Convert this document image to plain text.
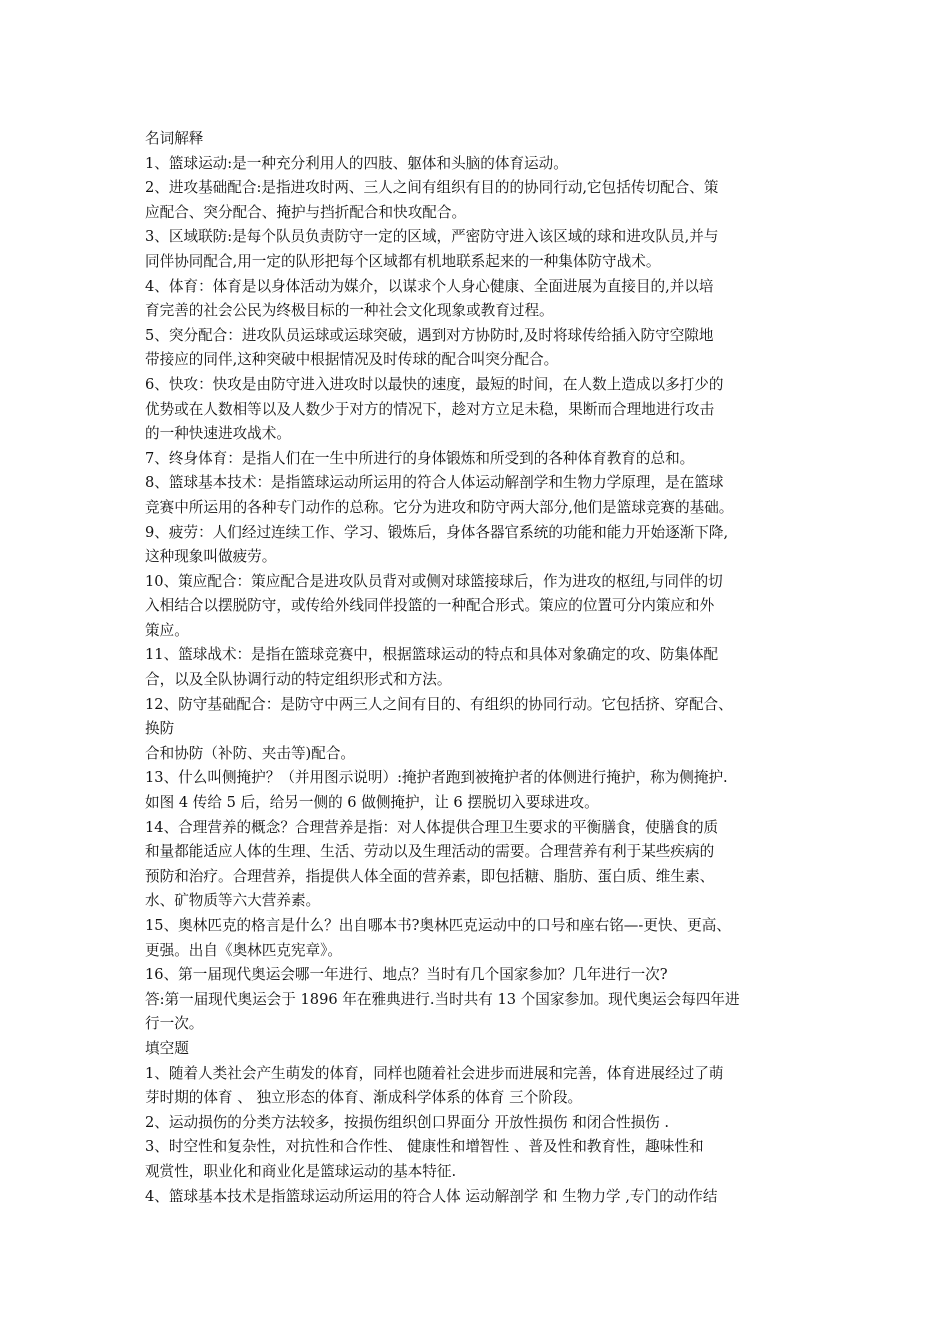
名词解释

1、篮球运动:是一种充分利用人的四肢、躯体和头脑的体育运动。

2、进攻基础配合:是指进攻时两、三人之间有组织有目的的协同行动,它包括传切配合、策

应配合、突分配合、掩护与挡折配合和快攻配合。

3、区域联防:是每个队员负责防守一定的区域，严密防守进入该区域的球和进攻队员,并与

同伴协同配合,用一定的队形把每个区域都有机地联系起来的一种集体防守战术。

4、体育：体育是以身体活动为媒介，以谋求个人身心健康、全面进展为直接目的,并以培

育完善的社会公民为终极目标的一种社会文化现象或教育过程。

5、突分配合：进攻队员运球或运球突破，遇到对方协防时,及时将球传给插入防守空隙地

带接应的同伴,这种突破中根据情况及时传球的配合叫突分配合。

6、快攻：快攻是由防守进入进攻时以最快的速度，最短的时间，在人数上造成以多打少的

优势或在人数相等以及人数少于对方的情况下，趁对方立足未稳，果断而合理地进行攻击

的一种快速进攻战术。

7、终身体育：是指人们在一生中所进行的身体锻炼和所受到的各种体育教育的总和。

8、篮球基本技术：是指篮球运动所运用的符合人体运动解剖学和生物力学原理，是在篮球

竞赛中所运用的各种专门动作的总称。它分为进攻和防守两大部分,他们是篮球竞赛的基础。

9、疲劳：人们经过连续工作、学习、锻炼后，身体各器官系统的功能和能力开始逐渐下降,

这种现象叫做疲劳。

10、策应配合：策应配合是进攻队员背对或侧对球篮接球后，作为进攻的枢纽,与同伴的切

入相结合以摆脱防守，或传给外线同伴投篮的一种配合形式。策应的位置可分内策应和外

策应。

11、篮球战术：是指在篮球竞赛中，根据篮球运动的特点和具体对象确定的攻、防集体配

合，以及全队协调行动的特定组织形式和方法。

12、防守基础配合：是防守中两三人之间有目的、有组织的协同行动。它包括挤、穿配合、

换防

合和协防（补防、夹击等)配合。

13、什么叫侧掩护？（并用图示说明）:掩护者跑到被掩护者的体侧进行掩护，称为侧掩护.

如图 4 传给 5 后，给另一侧的 6 做侧掩护，让 6 摆脱切入要球进攻。

14、合理营养的概念？合理营养是指：对人体提供合理卫生要求的平衡膳食，使膳食的质

和量都能适应人体的生理、生活、劳动以及生理活动的需要。合理营养有利于某些疾病的

预防和治疗。合理营养，指提供人体全面的营养素，即包括糖、脂肪、蛋白质、维生素、

水、矿物质等六大营养素。

15、奥林匹克的格言是什么？出自哪本书?奥林匹克运动中的口号和座右铭—-更快、更高、

更强。出自《奥林匹克宪章》。

16、第一届现代奥运会哪一年进行、地点？当时有几个国家参加？几年进行一次?

答:第一届现代奥运会于 1896 年在雅典进行.当时共有 13 个国家参加。现代奥运会每四年进

行一次。

填空题

1、随着人类社会产生萌发的体育，同样也随着社会进步而进展和完善，体育进展经过了萌

芽时期的体育 、 独立形态的体育、渐成科学体系的体育 三个阶段。

2、运动损伤的分类方法较多，按损伤组织创口界面分 开放性损伤 和闭合性损伤 .

3、时空性和复杂性，对抗性和合作性、 健康性和增智性 、普及性和教育性，趣味性和

观赏性，职业化和商业化是篮球运动的基本特征.

4、篮球基本技术是指篮球运动所运用的符合人体 运动解剖学 和 生物力学 ,专门的动作结
